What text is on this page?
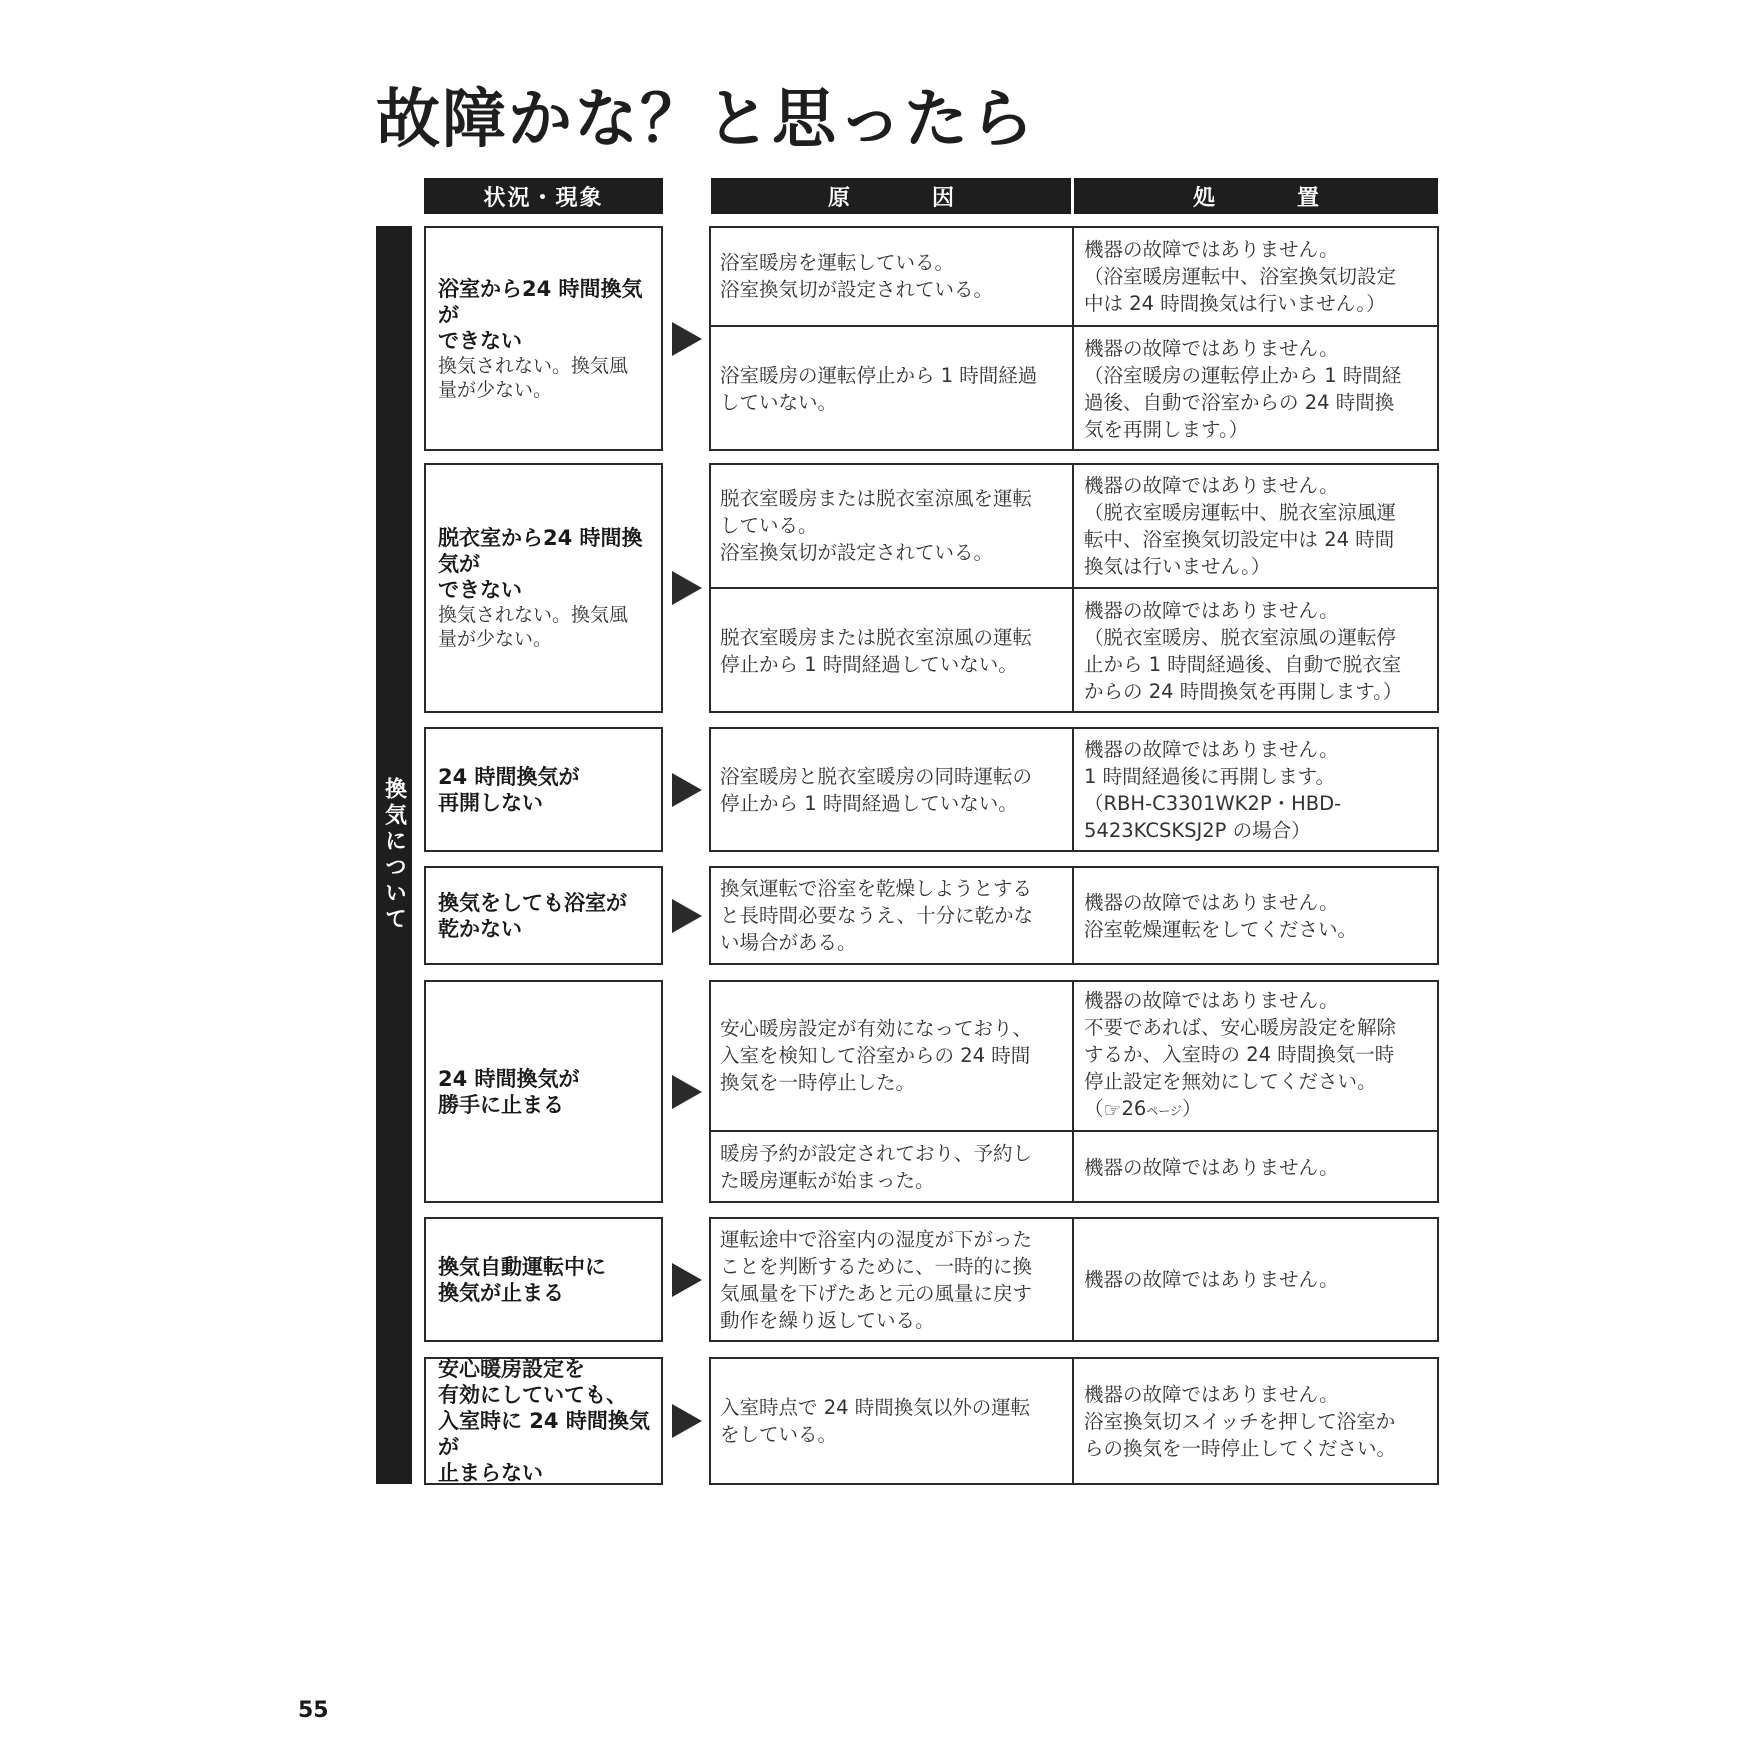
故障かな？と思ったら
状況・現象	原　因	処　置
換気について
浴室から24 時間換気が
できない
換気されない。換気風
量が少ない。
浴室暖房を運転している。
浴室換気切が設定されている。
機器の故障ではありません。
（浴室暖房運転中、浴室換気切設定
中は 24 時間換気は行いません。）
浴室暖房の運転停止から 1 時間経過
していない。
機器の故障ではありません。
（浴室暖房の運転停止から 1 時間経
過後、自動で浴室からの 24 時間換
気を再開します。）
脱衣室から24 時間換気が
できない
換気されない。換気風
量が少ない。
脱衣室暖房または脱衣室涼風を運転
している。
浴室換気切が設定されている。
機器の故障ではありません。
（脱衣室暖房運転中、脱衣室涼風運
転中、浴室換気切設定中は 24 時間
換気は行いません。）
脱衣室暖房または脱衣室涼風の運転
停止から 1 時間経過していない。
機器の故障ではありません。
（脱衣室暖房、脱衣室涼風の運転停
止から 1 時間経過後、自動で脱衣室
からの 24 時間換気を再開します。）
24 時間換気が
再開しない
浴室暖房と脱衣室暖房の同時運転の
停止から 1 時間経過していない。
機器の故障ではありません。
1 時間経過後に再開します。
（RBH-C3301WK2P・HBD-
5423KCSKSJ2P の場合）
換気をしても浴室が
乾かない
換気運転で浴室を乾燥しようとする
と長時間必要なうえ、十分に乾かな
い場合がある。
機器の故障ではありません。
浴室乾燥運転をしてください。
24 時間換気が
勝手に止まる
安心暖房設定が有効になっており、
入室を検知して浴室からの 24 時間
換気を一時停止した。
機器の故障ではありません。
不要であれば、安心暖房設定を解除
するか、入室時の 24 時間換気一時
停止設定を無効にしてください。
（☞26ページ）
暖房予約が設定されており、予約し
た暖房運転が始まった。
機器の故障ではありません。
換気自動運転中に
換気が止まる
運転途中で浴室内の湿度が下がった
ことを判断するために、一時的に換
気風量を下げたあと元の風量に戻す
動作を繰り返している。
機器の故障ではありません。
安心暖房設定を
有効にしていても、
入室時に 24 時間換気が
止まらない
入室時点で 24 時間換気以外の運転
をしている。
機器の故障ではありません。
浴室換気切スイッチを押して浴室か
らの換気を一時停止してください。
55
